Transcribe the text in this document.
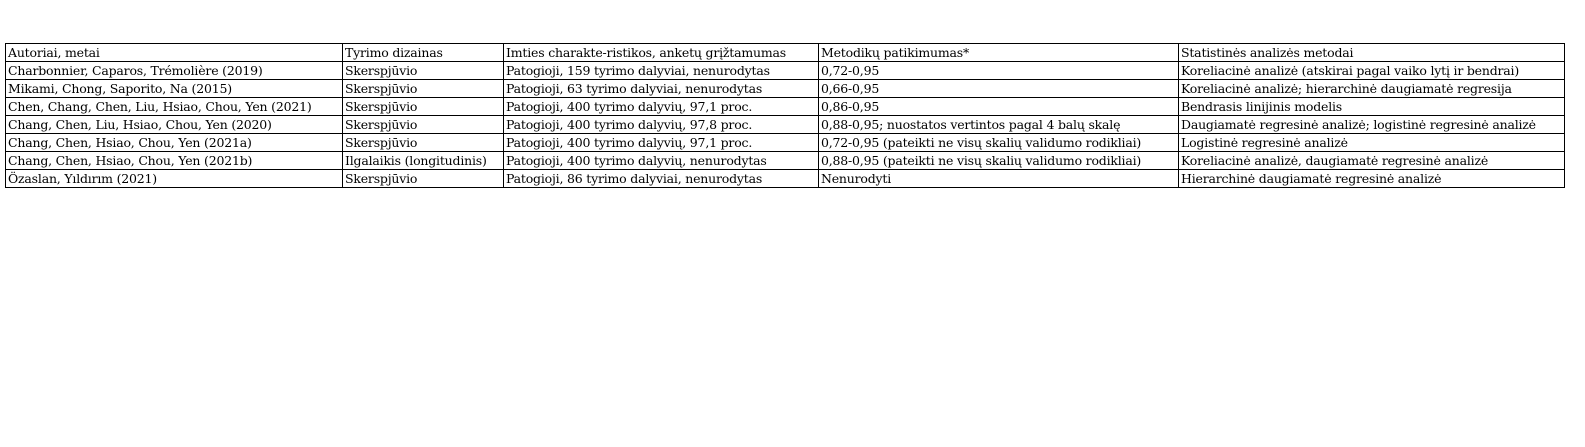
Autoriai, metai	Tyrimo dizainas	Imties charakte-ristikos, anketų grįžtamumas	Metodikų patikimumas*	Statistinės analizės metodai
Charbonnier, Caparos, Trémolière (2019)	Skerspjūvio	Patogioji, 159 tyrimo dalyviai, nenurodytas	0,72-0,95	Koreliacinė analizė (atskirai pagal vaiko lytį ir bendrai)
Mikami, Chong, Saporito, Na (2015)	Skerspjūvio	Patogioji, 63 tyrimo dalyviai, nenurodytas	0,66-0,95	Koreliacinė analizė; hierarchinė daugiamatė regresija
Chen, Chang, Chen, Liu, Hsiao, Chou, Yen (2021)	Skerspjūvio	Patogioji, 400 tyrimo dalyvių, 97,1 proc.	0,86-0,95	Bendrasis linijinis modelis
Chang, Chen, Liu, Hsiao, Chou, Yen (2020)	Skerspjūvio	Patogioji, 400 tyrimo dalyvių, 97,8 proc.	0,88-0,95; nuostatos vertintos pagal 4 balų skalę	Daugiamatė regresinė analizė; logistinė regresinė analizė
Chang, Chen, Hsiao, Chou, Yen (2021a)	Skerspjūvio	Patogioji, 400 tyrimo dalyvių, 97,1 proc.	0,72-0,95 (pateikti ne visų skalių validumo rodikliai)	Logistinė regresinė analizė
Chang, Chen, Hsiao, Chou, Yen (2021b)	Ilgalaikis (longitudinis)	Patogioji, 400 tyrimo dalyvių, nenurodytas	0,88-0,95 (pateikti ne visų skalių validumo rodikliai)	Koreliacinė analizė, daugiamatė regresinė analizė
Özaslan, Yıldırım (2021)	Skerspjūvio	Patogioji, 86 tyrimo dalyviai, nenurodytas	Nenurodyti	Hierarchinė daugiamatė regresinė analizė
